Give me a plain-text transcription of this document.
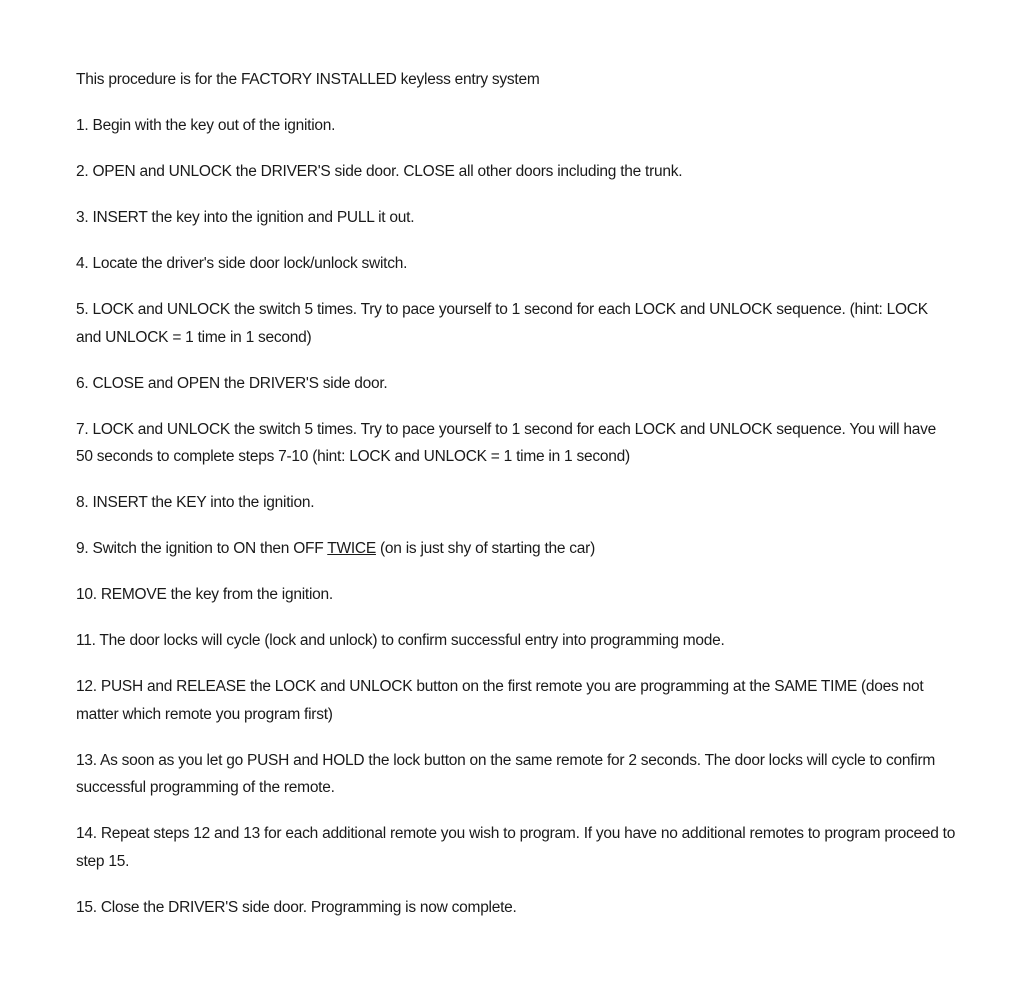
This procedure is for the FACTORY INSTALLED keyless entry system

1. Begin with the key out of the ignition.

2. OPEN and UNLOCK the DRIVER'S side door. CLOSE all other doors including the trunk.

3. INSERT the key into the ignition and PULL it out.

4. Locate the driver's side door lock/unlock switch.

5. LOCK and UNLOCK the switch 5 times. Try to pace yourself to 1 second for each LOCK and UNLOCK sequence. (hint: LOCK and UNLOCK = 1 time in 1 second)

6. CLOSE and OPEN the DRIVER'S side door.

7. LOCK and UNLOCK the switch 5 times. Try to pace yourself to 1 second for each LOCK and UNLOCK sequence. You will have 50 seconds to complete steps 7-10 (hint: LOCK and UNLOCK = 1 time in 1 second)

8. INSERT the KEY into the ignition.

9. Switch the ignition to ON then OFF TWICE (on is just shy of starting the car)

10. REMOVE the key from the ignition.

11. The door locks will cycle (lock and unlock) to confirm successful entry into programming mode.

12. PUSH and RELEASE the LOCK and UNLOCK button on the first remote you are programming at the SAME TIME (does not matter which remote you program first)

13. As soon as you let go PUSH and HOLD the lock button on the same remote for 2 seconds. The door locks will cycle to confirm successful programming of the remote.

14. Repeat steps 12 and 13 for each additional remote you wish to program. If you have no additional remotes to program proceed to step 15.

15. Close the DRIVER'S side door. Programming is now complete.
